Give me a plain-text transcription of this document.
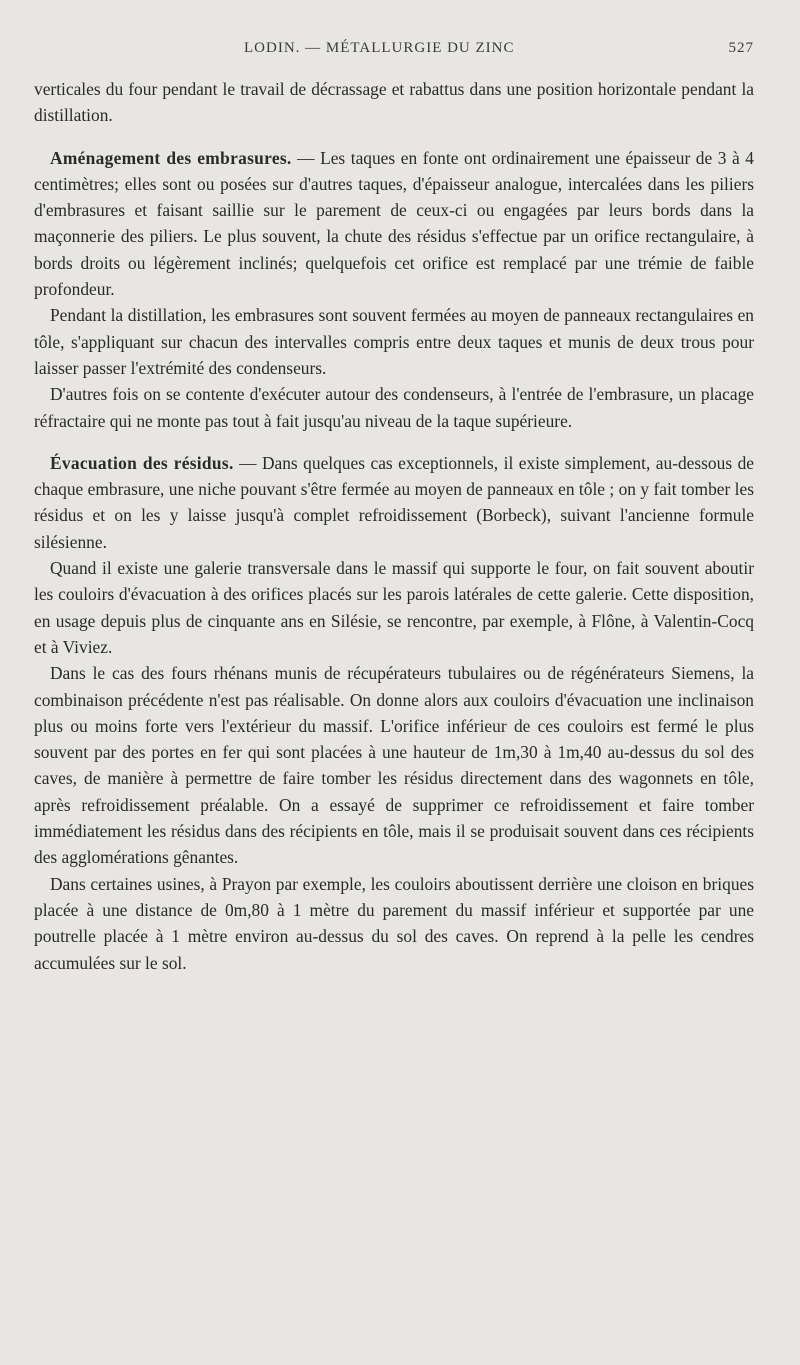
LODIN. — MÉTALLURGIE DU ZINC	527

verticales du four pendant le travail de décrassage et rabattus dans une position horizontale pendant la distillation.

Aménagement des embrasures. — Les taques en fonte ont ordinairement une épaisseur de 3 à 4 centimètres; elles sont ou posées sur d'autres taques, d'épaisseur analogue, intercalées dans les piliers d'embrasures et faisant saillie sur le parement de ceux-ci ou engagées par leurs bords dans la maçonnerie des piliers. Le plus souvent, la chute des résidus s'effectue par un orifice rectangulaire, à bords droits ou légèrement inclinés; quelquefois cet orifice est remplacé par une trémie de faible profondeur.

Pendant la distillation, les embrasures sont souvent fermées au moyen de panneaux rectangulaires en tôle, s'appliquant sur chacun des intervalles compris entre deux taques et munis de deux trous pour laisser passer l'extrémité des condenseurs.

D'autres fois on se contente d'exécuter autour des condenseurs, à l'entrée de l'embrasure, un placage réfractaire qui ne monte pas tout à fait jusqu'au niveau de la taque supérieure.

Évacuation des résidus. — Dans quelques cas exceptionnels, il existe simplement, au-dessous de chaque embrasure, une niche pouvant s'être fermée au moyen de panneaux en tôle ; on y fait tomber les résidus et on les y laisse jusqu'à complet refroidissement (Borbeck), suivant l'ancienne formule silésienne.

Quand il existe une galerie transversale dans le massif qui supporte le four, on fait souvent aboutir les couloirs d'évacuation à des orifices placés sur les parois latérales de cette galerie. Cette disposition, en usage depuis plus de cinquante ans en Silésie, se rencontre, par exemple, à Flône, à Valentin-Cocq et à Viviez.

Dans le cas des fours rhénans munis de récupérateurs tubulaires ou de régénérateurs Siemens, la combinaison précédente n'est pas réalisable. On donne alors aux couloirs d'évacuation une inclinaison plus ou moins forte vers l'extérieur du massif. L'orifice inférieur de ces couloirs est fermé le plus souvent par des portes en fer qui sont placées à une hauteur de 1m,30 à 1m,40 au-dessus du sol des caves, de manière à permettre de faire tomber les résidus directement dans des wagonnets en tôle, après refroidissement préalable. On a essayé de supprimer ce refroidissement et faire tomber immédiatement les résidus dans des récipients en tôle, mais il se produisait souvent dans ces récipients des agglomérations gênantes.

Dans certaines usines, à Prayon par exemple, les couloirs aboutissent derrière une cloison en briques placée à une distance de 0m,80 à 1 mètre du parement du massif inférieur et supportée par une poutrelle placée à 1 mètre environ au-dessus du sol des caves. On reprend à la pelle les cendres accumulées sur le sol.
